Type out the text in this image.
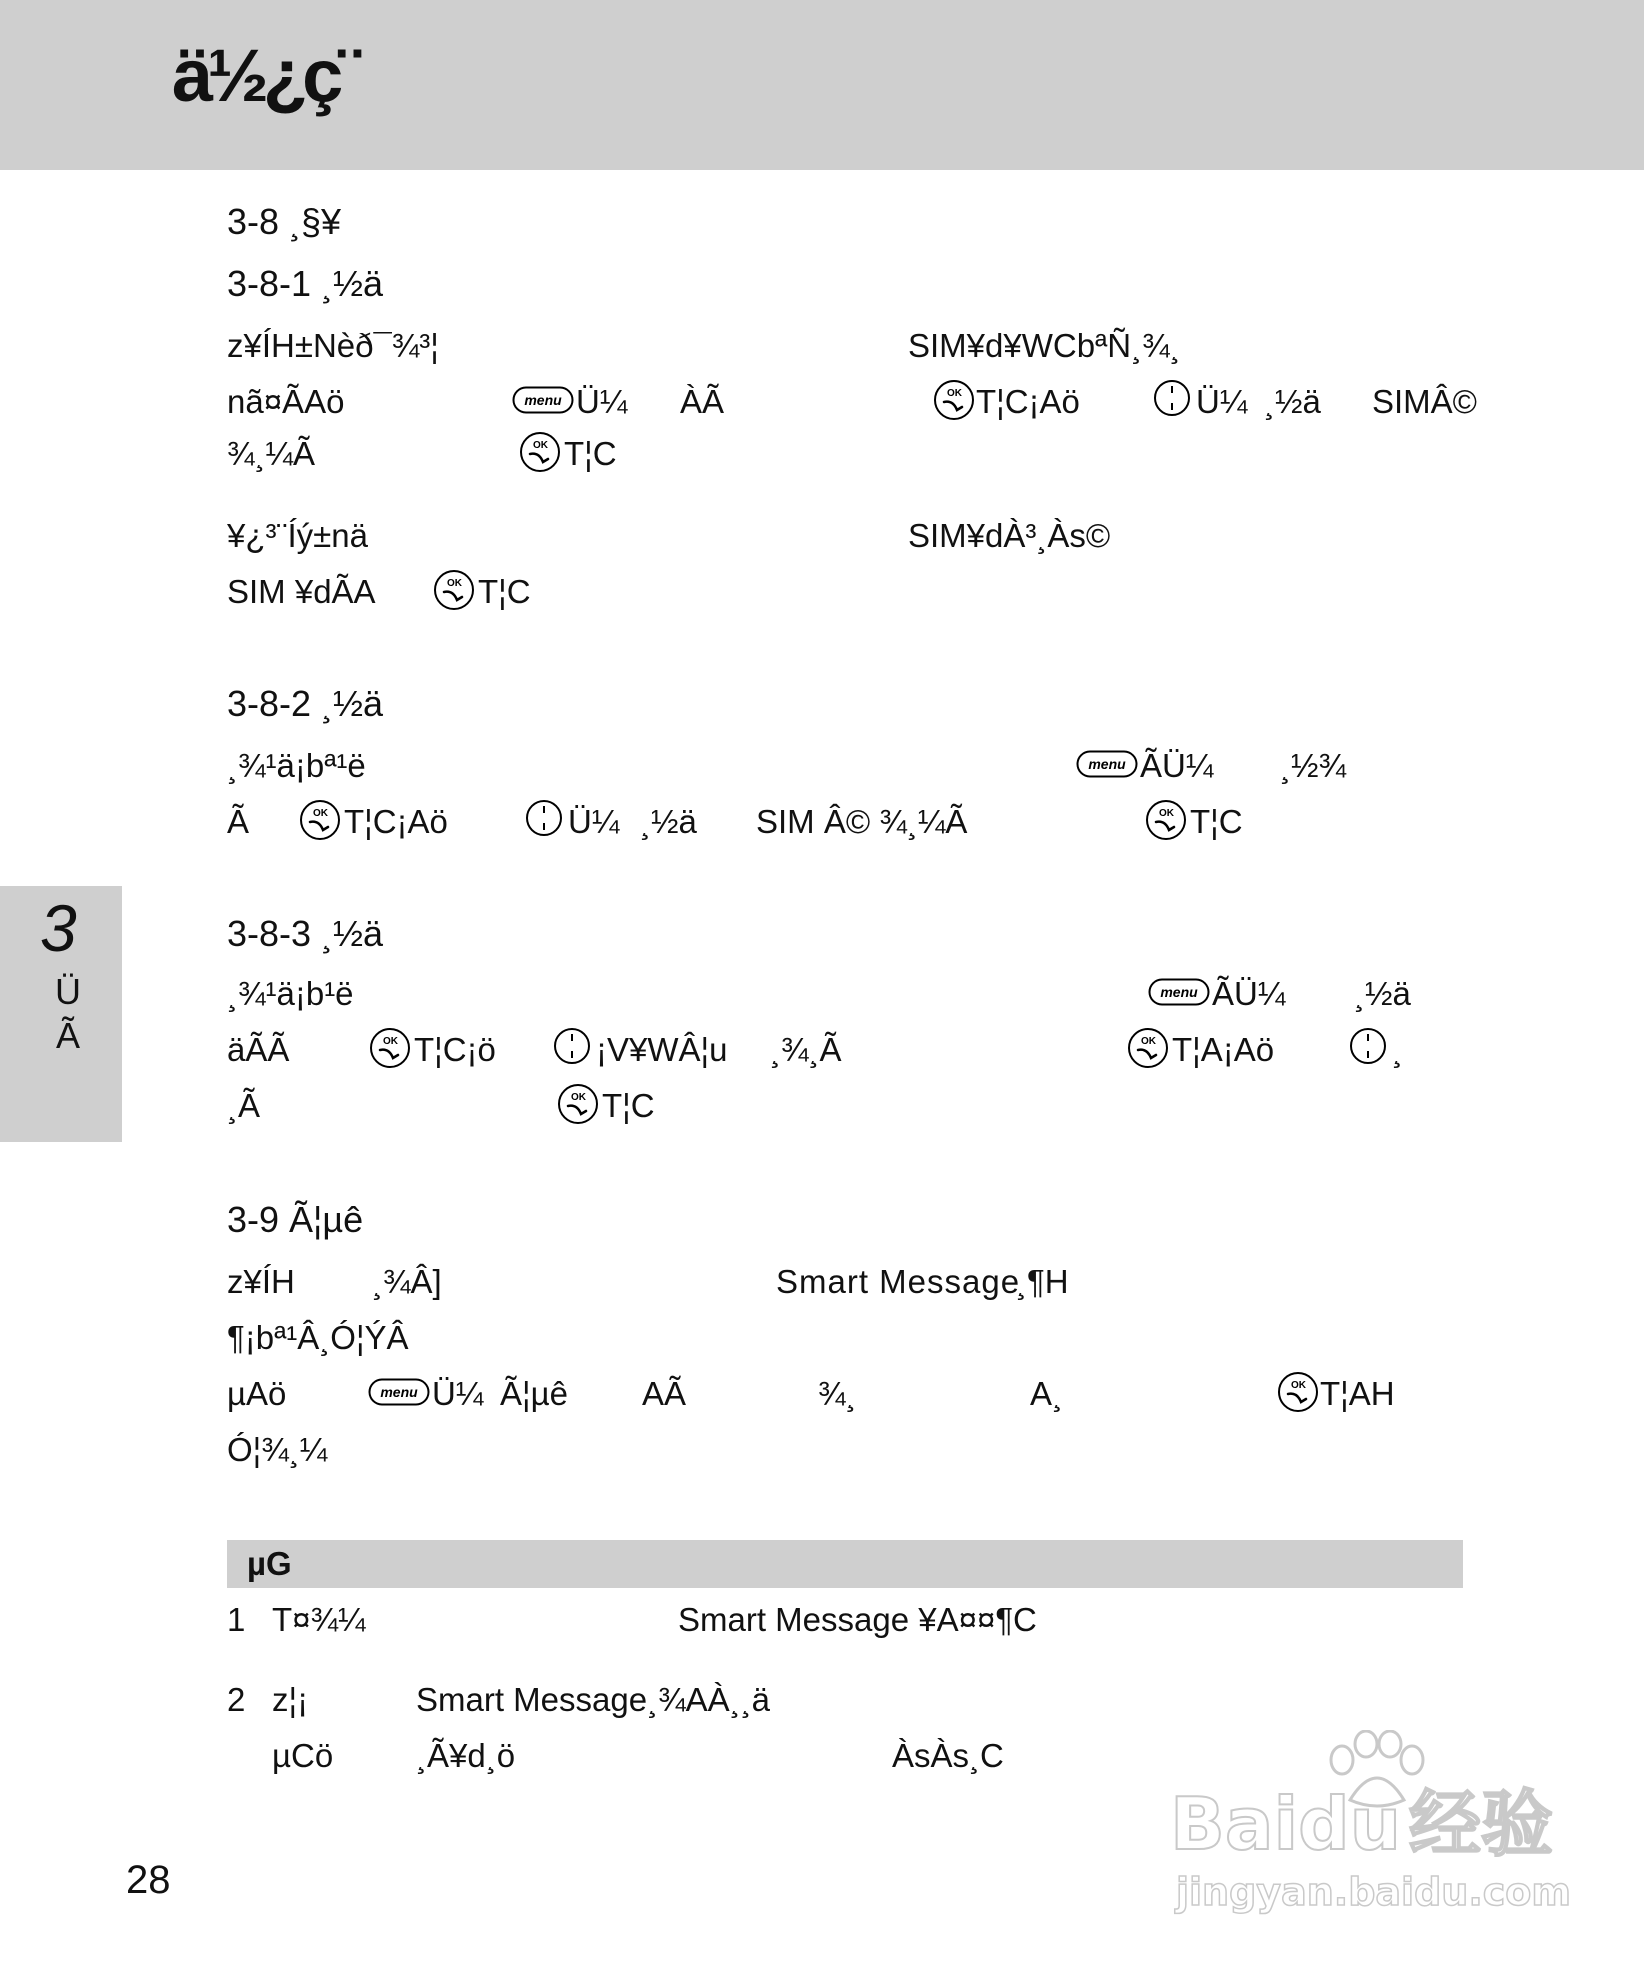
ä½¿ç¨
3
Ü
Ã
3-8 ¸§¥
3-8-1 ¸½ä
z¥ÍH±Nèð¯¾³¦	SIM¥d¥WCbªÑ¸¾¸
nã¤ÃAö	menu Ü¼ ÀÃ	OK T¦C¡Aö	Ü¼ ¸½ä SIMÂ©
¾¸¼Ã	OK T¦C
¥¿³¨Íý±nä	SIM¥dÀ³¸Às©
SIM ¥dÃA	OK T¦C
3-8-2 ¸½ä
¸¾¹ä¡bª¹ë	menu ÃÜ¼ ¸½¾
Ã	OK T¦C¡Aö	Ü¼ ¸½ä SIM Â© ¾¸¼Ã	OK T¦C
3-8-3 ¸½ä
¸¾¹ä¡b¹ë	menu ÃÜ¼ ¸½ä
äÃÃ	OK T¦C¡ö	¡V¥WÂ¦u ¸¾¸Ã	OK T¦A¡Aö	¸
¸Ã	OK T¦C
3-9 Ã¦µê
z¥ÍH ¸¾Â]	Smart Message
¸¶H
¶¡bª¹Â¸Ó¦ÝÂ
µAö	menu Ü¼ Ã¦µê AÃ	¾¸	A¸	OK T¦AH
Ó¦¾¸¼
µG
1 T¤¾¼	Smart Message ¥A¤¤¶C
2 z¦¡	Smart Message¸¾AÀ¸¸ä
µCö	¸Ã¥d¸ö	ÀsÀs¸C
28
Baidu 经验
jingyan.baidu.com
